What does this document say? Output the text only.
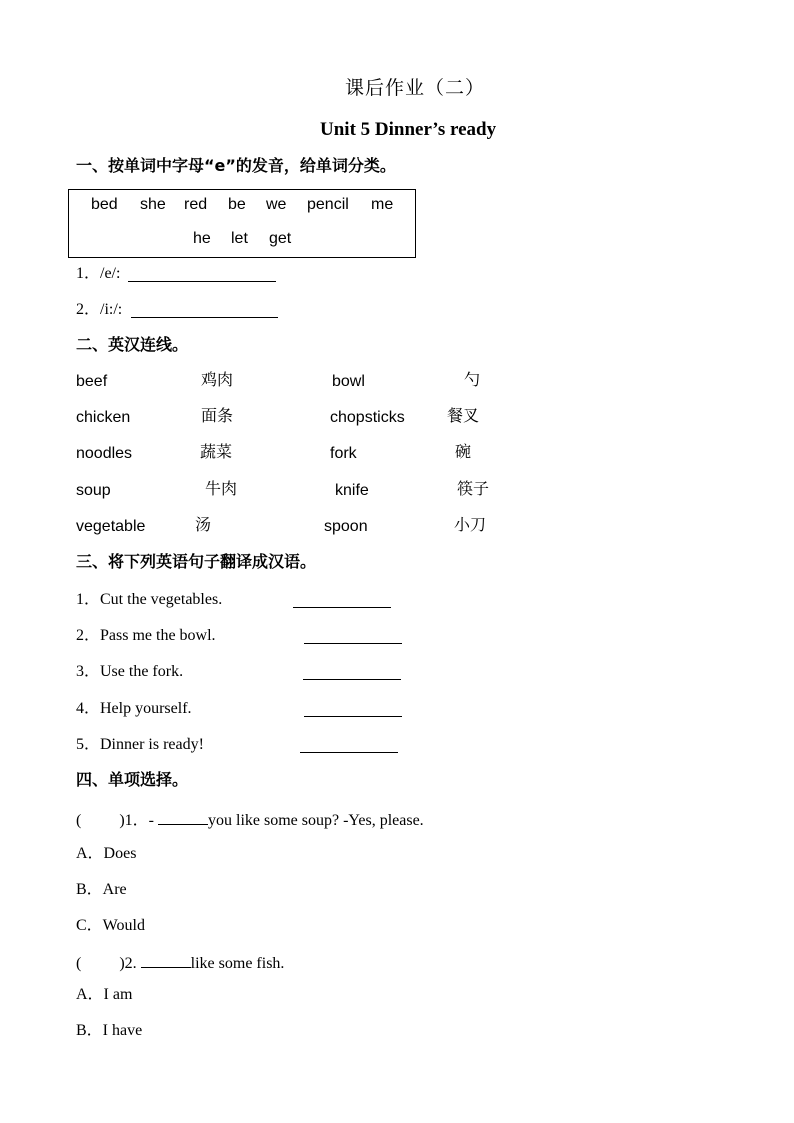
课后作业（二）
Unit 5 Dinner’s ready
一、按单词中字母“e”的发音，给单词分类。
bed she red be we pencil me
he let get
1．/e/:
2．/i:/:
二、英汉连线。
beef	鸡肉	bowl	勺
chicken	面条	chopsticks	餐叉
noodles	蔬菜	fork	碗
soup	牛肉	knife	筷子
vegetable	汤	spoon	小刀
三、将下列英语句子翻译成汉语。
1．Cut the vegetables.
2．Pass me the bowl.
3．Use the fork.
4．Help yourself.
5．Dinner is ready!
四、单项选择。
( )1．-	you like some soup? -Yes, please.
A．Does
B．Are
C．Would
( )2.	like some fish.
A．I am
B．I have
